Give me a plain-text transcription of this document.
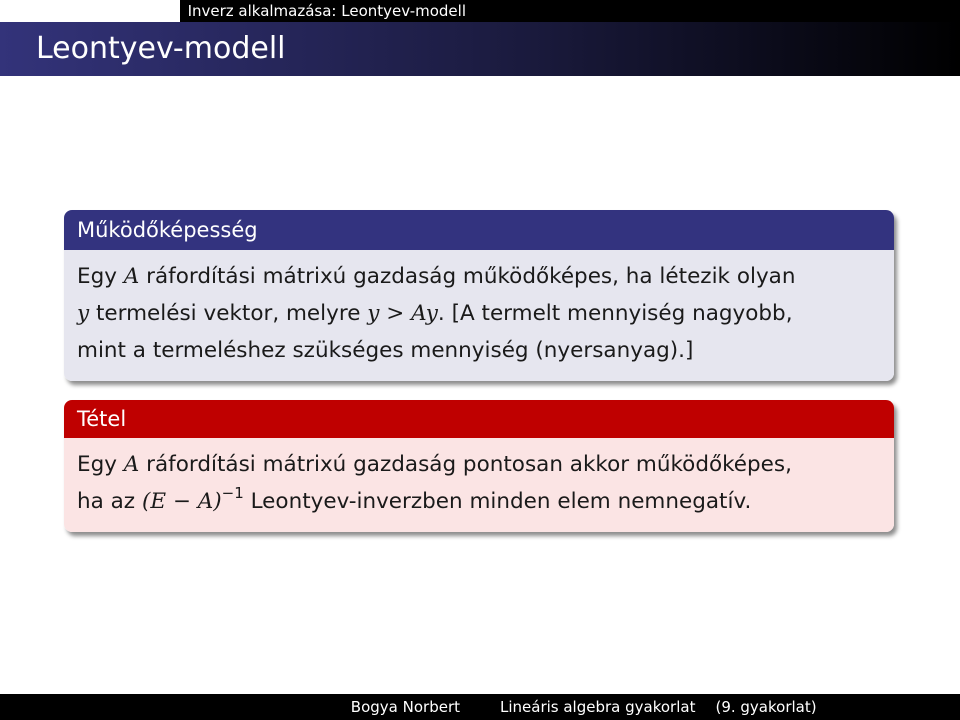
Inverz alkalmazása: Leontyev-modell
Leontyev-modell
Működőképesség
Egy A ráfordítási mátrixú gazdaság működőképes, ha létezik olyan
y termelési vektor, melyre y > Ay. [A termelt mennyiség nagyobb,
mint a termeléshez szükséges mennyiség (nyersanyag).]
Tétel
Egy A ráfordítási mátrixú gazdaság pontosan akkor működőképes,
ha az $(E - A)^{-1}$ Leontyev-inverzben minden elem nemnegatív.
Bogya Norbert	Lineáris algebra gyakorlat (9. gyakorlat)
